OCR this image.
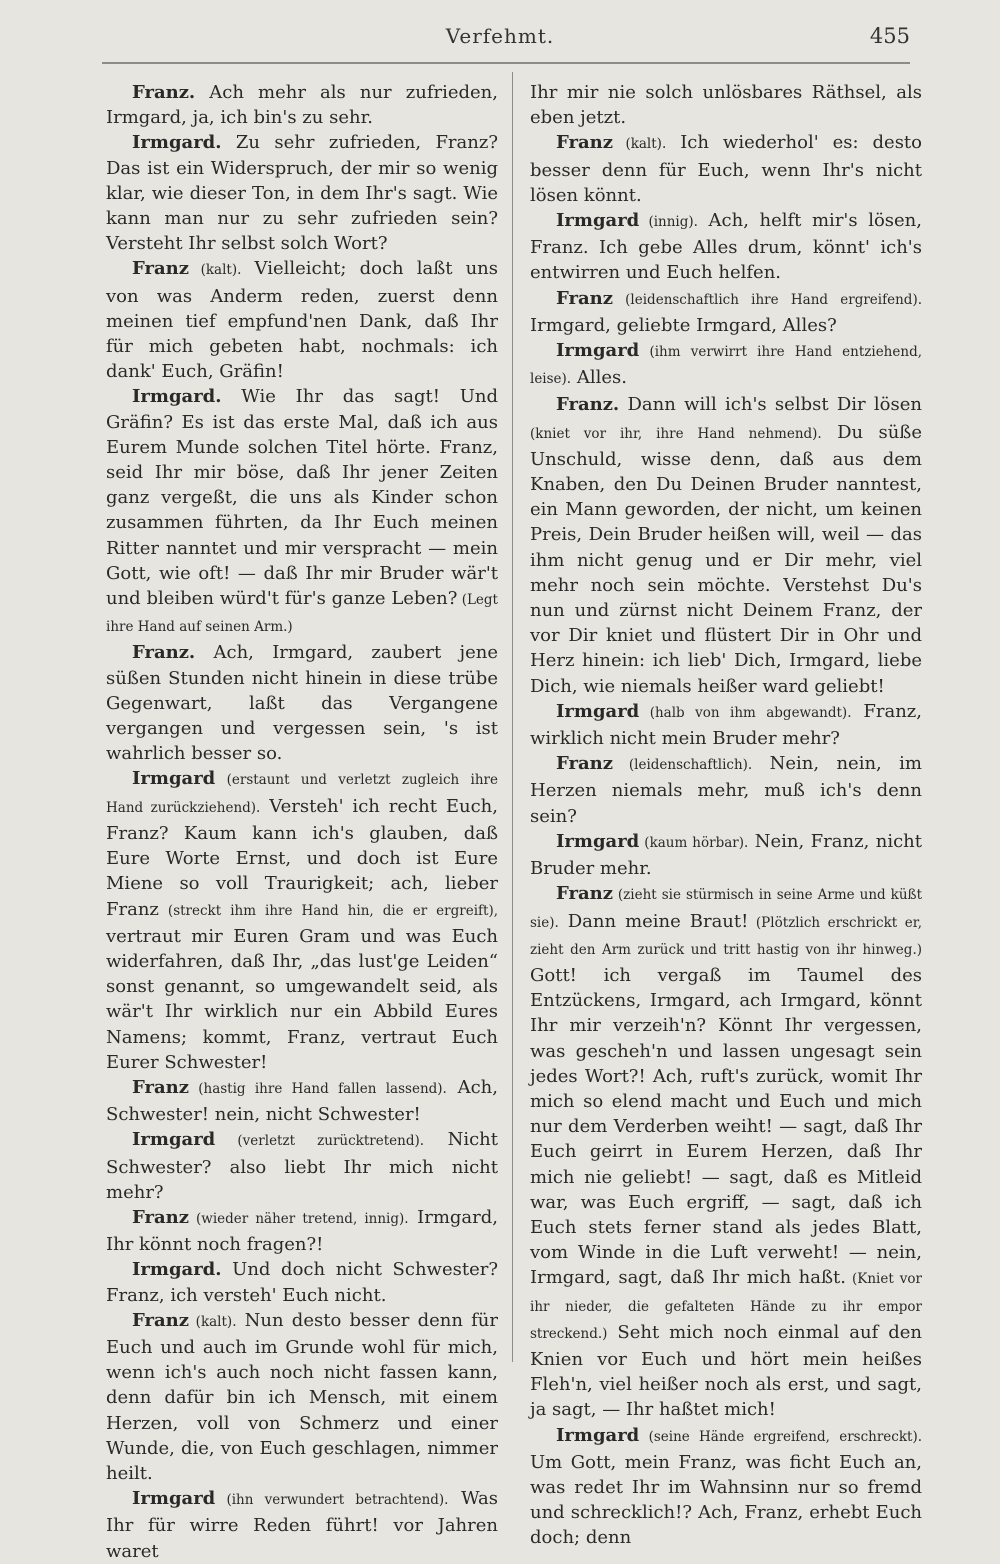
Verfehmt.	455

Franz. Ach mehr als nur zufrieden, Irmgard, ja, ich bin's zu sehr.

Irmgard. Zu sehr zufrieden, Franz? Das ist ein Widerspruch, der mir so wenig klar, wie dieser Ton, in dem Ihr's sagt. Wie kann man nur zu sehr zufrieden sein? Versteht Ihr selbst solch Wort?

Franz (kalt). Vielleicht; doch laßt uns von was Anderm reden, zuerst denn meinen tief empfund'nen Dank, daß Ihr für mich gebeten habt, nochmals: ich dank' Euch, Gräfin!

Irmgard. Wie Ihr das sagt! Und Gräfin? Es ist das erste Mal, daß ich aus Eurem Munde solchen Titel hörte. Franz, seid Ihr mir böse, daß Ihr jener Zeiten ganz vergeßt, die uns als Kinder schon zusammen führten, da Ihr Euch meinen Ritter nanntet und mir verspracht — mein Gott, wie oft! — daß Ihr mir Bruder wär't und bleiben würd't für's ganze Leben? (Legt ihre Hand auf seinen Arm.)

Franz. Ach, Irmgard, zaubert jene süßen Stunden nicht hinein in diese trübe Gegenwart, laßt das Vergangene vergangen und vergessen sein, 's ist wahrlich besser so.

Irmgard (erstaunt und verletzt zugleich ihre Hand zurückziehend). Versteh' ich recht Euch, Franz? Kaum kann ich's glauben, daß Eure Worte Ernst, und doch ist Eure Miene so voll Traurigkeit; ach, lieber Franz (streckt ihm ihre Hand hin, die er ergreift), vertraut mir Euren Gram und was Euch widerfahren, daß Ihr, „das lust'ge Leiden“ sonst genannt, so umgewandelt seid, als wär't Ihr wirklich nur ein Abbild Eures Namens; kommt, Franz, vertraut Euch Eurer Schwester!

Franz (hastig ihre Hand fallen lassend). Ach, Schwester! nein, nicht Schwester!

Irmgard (verletzt zurücktretend). Nicht Schwester? also liebt Ihr mich nicht mehr?

Franz (wieder näher tretend, innig). Irmgard, Ihr könnt noch fragen?!

Irmgard. Und doch nicht Schwester? Franz, ich versteh' Euch nicht.

Franz (kalt). Nun desto besser denn für Euch und auch im Grunde wohl für mich, wenn ich's auch noch nicht fassen kann, denn dafür bin ich Mensch, mit einem Herzen, voll von Schmerz und einer Wunde, die, von Euch geschlagen, nimmer heilt.

Irmgard (ihn verwundert betrachtend). Was Ihr für wirre Reden führt! vor Jahren waret

Ihr mir nie solch unlösbares Räthsel, als eben jetzt.

Franz (kalt). Ich wiederhol' es: desto besser denn für Euch, wenn Ihr's nicht lösen könnt.

Irmgard (innig). Ach, helft mir's lösen, Franz. Ich gebe Alles drum, könnt' ich's entwirren und Euch helfen.

Franz (leidenschaftlich ihre Hand ergreifend). Irmgard, geliebte Irmgard, Alles?

Irmgard (ihm verwirrt ihre Hand entziehend, leise). Alles.

Franz. Dann will ich's selbst Dir lösen (kniet vor ihr, ihre Hand nehmend). Du süße Unschuld, wisse denn, daß aus dem Knaben, den Du Deinen Bruder nanntest, ein Mann geworden, der nicht, um keinen Preis, Dein Bruder heißen will, weil — das ihm nicht genug und er Dir mehr, viel mehr noch sein möchte. Verstehst Du's nun und zürnst nicht Deinem Franz, der vor Dir kniet und flüstert Dir in Ohr und Herz hinein: ich lieb' Dich, Irmgard, liebe Dich, wie niemals heißer ward geliebt!

Irmgard (halb von ihm abgewandt). Franz, wirklich nicht mein Bruder mehr?

Franz (leidenschaftlich). Nein, nein, im Herzen niemals mehr, muß ich's denn sein?

Irmgard (kaum hörbar). Nein, Franz, nicht Bruder mehr.

Franz (zieht sie stürmisch in seine Arme und küßt sie). Dann meine Braut! (Plötzlich erschrickt er, zieht den Arm zurück und tritt hastig von ihr hinweg.) Gott! ich vergaß im Taumel des Entzückens, Irmgard, ach Irmgard, könnt Ihr mir verzeih'n? Könnt Ihr vergessen, was gescheh'n und lassen ungesagt sein jedes Wort?! Ach, ruft's zurück, womit Ihr mich so elend macht und Euch und mich nur dem Verderben weiht! — sagt, daß Ihr Euch geirrt in Eurem Herzen, daß Ihr mich nie geliebt! — sagt, daß es Mitleid war, was Euch ergriff, — sagt, daß ich Euch stets ferner stand als jedes Blatt, vom Winde in die Luft verweht! — nein, Irmgard, sagt, daß Ihr mich haßt. (Kniet vor ihr nieder, die gefalteten Hände zu ihr empor streckend.) Seht mich noch einmal auf den Knien vor Euch und hört mein heißes Fleh'n, viel heißer noch als erst, und sagt, ja sagt, — Ihr haßtet mich!

Irmgard (seine Hände ergreifend, erschreckt). Um Gott, mein Franz, was ficht Euch an, was redet Ihr im Wahnsinn nur so fremd und schrecklich!? Ach, Franz, erhebt Euch doch; denn
